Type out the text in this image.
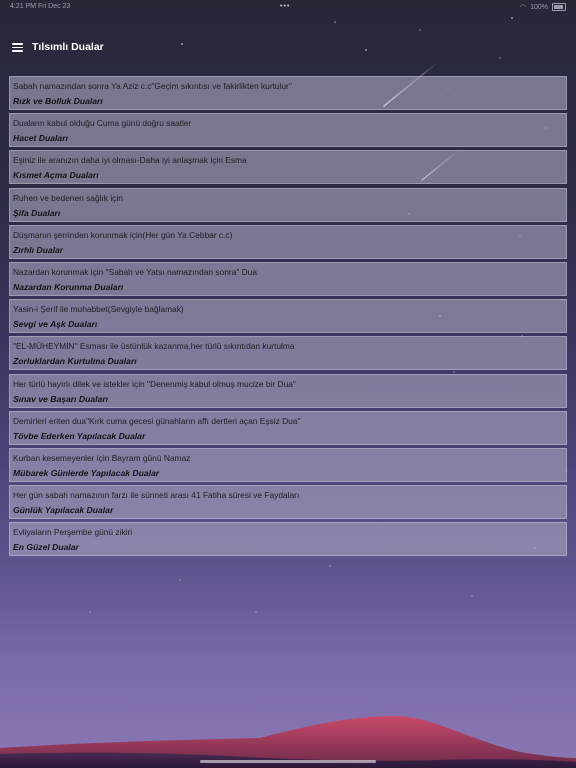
4:21 PM Fri Dec 23	•••	◠ 100%
Tılsımlı Dualar
Sabah namazından sonra Ya Aziz c.c"Geçim sıkıntısı ve fakirlikten kurtulur"
Rızk ve Bolluk Duaları
Duaların kabul olduğu Cuma günü doğru saatler
Hacet Duaları
Eşiniz ile aranızın daha iyi olması-Daha iyi anlaşmak için Esma
Kısmet Açma Duaları
Ruhen ve bedenen sağlık için
Şifa Duaları
Düşmanın şerrinden korunmak için(Her gün Ya Cebbar c.c)
Zırhlı Dualar
Nazardan korunmak için "Sabah ve Yatsı namazından sonra" Dua
Nazardan Korunma Duaları
Yasin-i Şerif ile muhabbet(Sevgiyle bağlamak)
Sevgi ve Aşk Duaları
"EL-MÜHEYMİN" Esması ile üstünlük kazanma,her türlü sıkıntıdan kurtulma
Zorluklardan Kurtulma Duaları
Her türlü hayırlı dilek ve istekler için "Denenmiş kabul olmuş mucize bir Dua"
Sınav ve Başarı Duaları
Demirleri eriten dua"Kırk cuma gecesi günahların affı dertleri açan Eşsiz Dua"
Tövbe Ederken Yapılacak Dualar
Kurban kesemeyenler için Bayram günü Namaz
Mübarek Günlerde Yapılacak Dualar
Her gün sabah namazının farzı ile sünneti arası 41 Fatiha süresi ve Faydaları
Günlük Yapılacak Dualar
Evliyaların Perşembe günü zikiri
En Güzel Dualar
